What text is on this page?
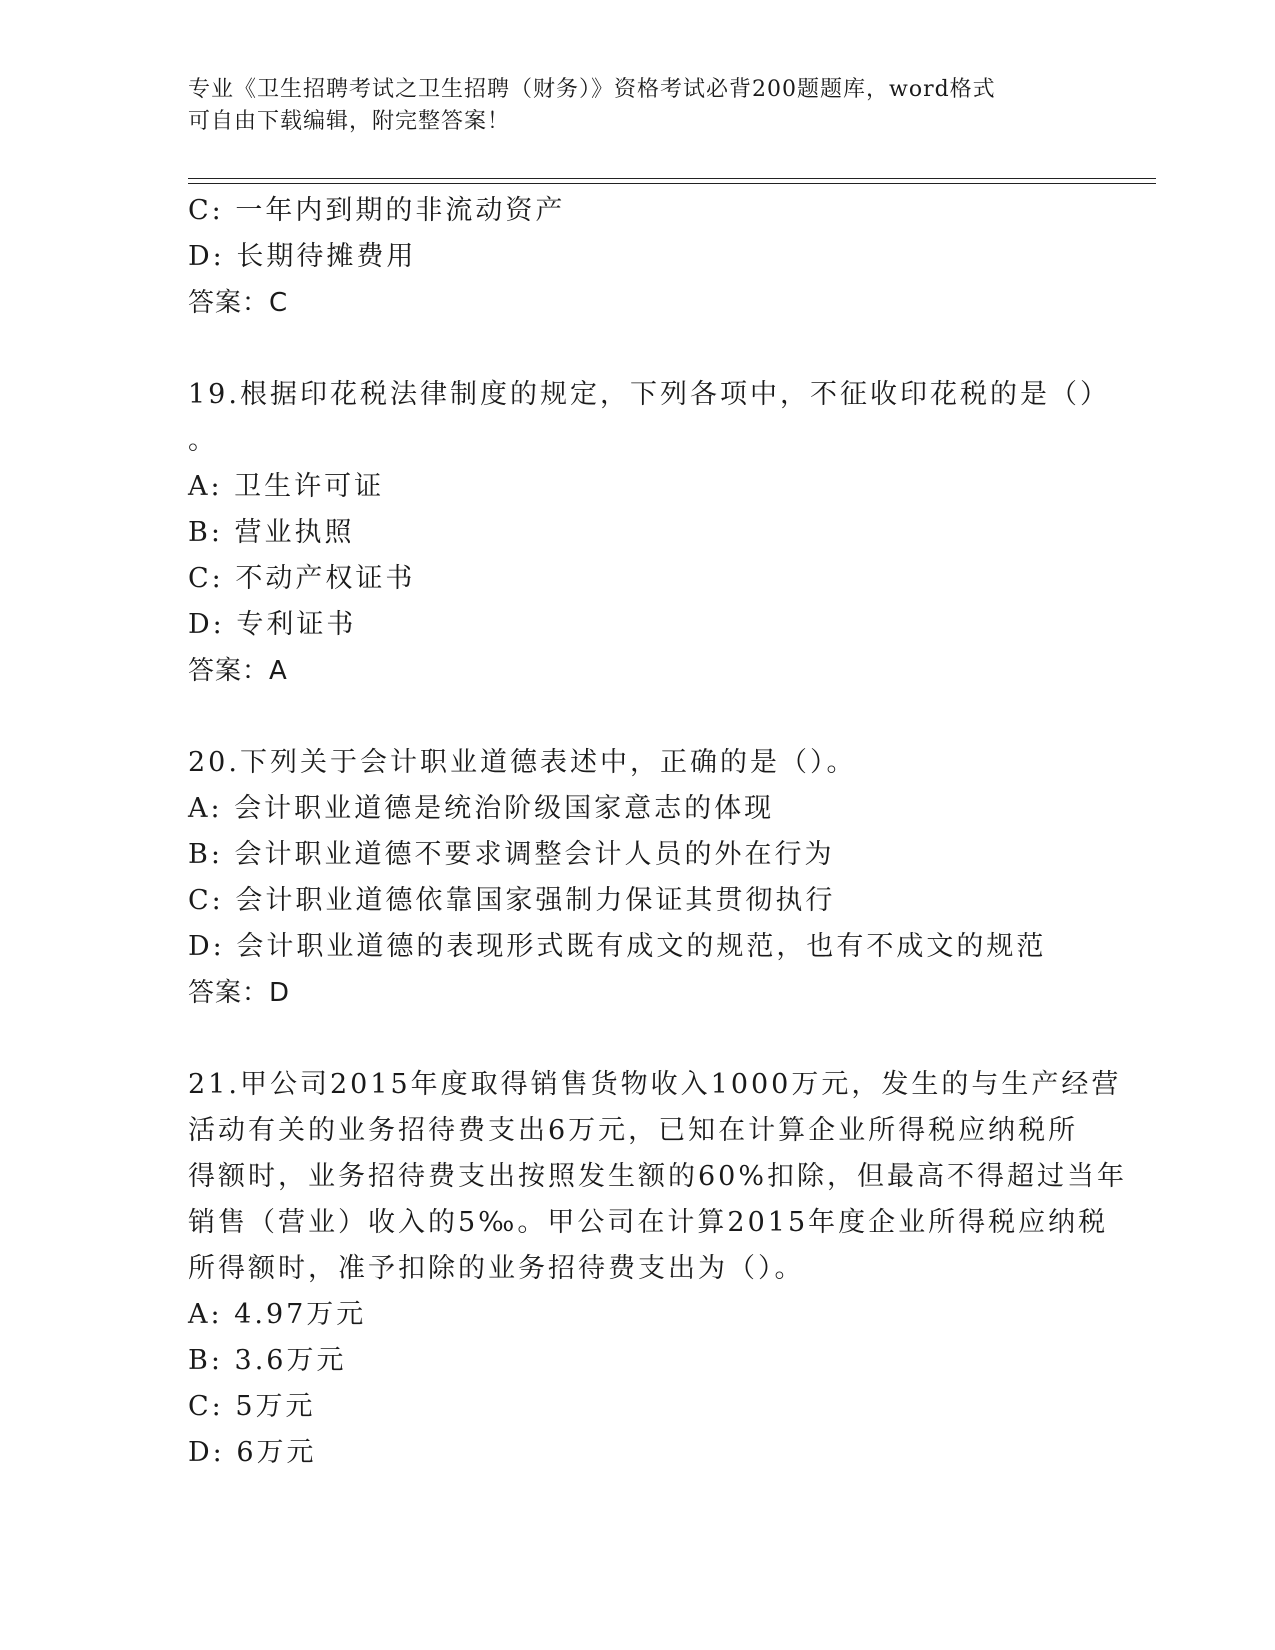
专业《卫生招聘考试之卫生招聘（财务）》资格考试必背200题题库，word格式
可自由下载编辑，附完整答案！
C: 一年内到期的非流动资产
D: 长期待摊费用
答案：C
19.根据印花税法律制度的规定，下列各项中，不征收印花税的是（）
。
A: 卫生许可证
B: 营业执照
C: 不动产权证书
D: 专利证书
答案：A
20.下列关于会计职业道德表述中，正确的是（）。
A: 会计职业道德是统治阶级国家意志的体现
B: 会计职业道德不要求调整会计人员的外在行为
C: 会计职业道德依靠国家强制力保证其贯彻执行
D: 会计职业道德的表现形式既有成文的规范，也有不成文的规范
答案：D
21.甲公司2015年度取得销售货物收入1000万元，发生的与生产经营
活动有关的业务招待费支出6万元，已知在计算企业所得税应纳税所
得额时，业务招待费支出按照发生额的60%扣除，但最高不得超过当年
销售（营业）收入的5‰。甲公司在计算2015年度企业所得税应纳税
所得额时，准予扣除的业务招待费支出为（）。
A: 4.97万元
B: 3.6万元
C: 5万元
D: 6万元
